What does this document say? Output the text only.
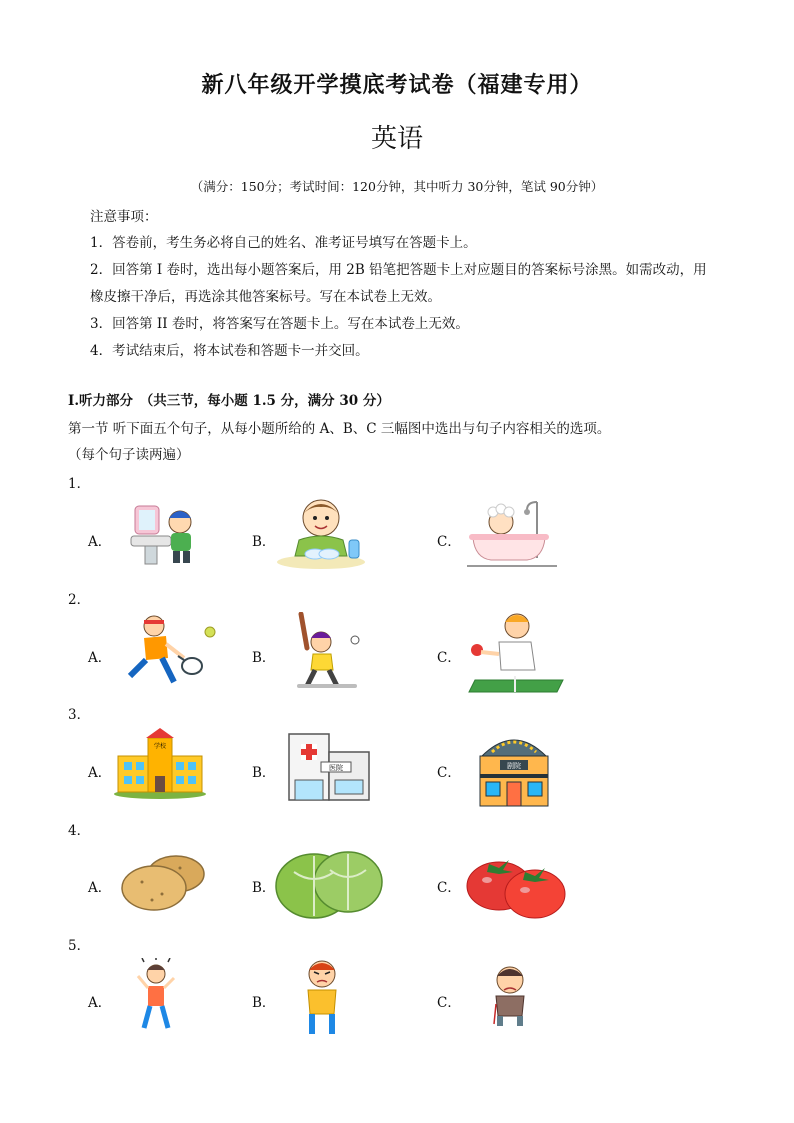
新八年级开学摸底考试卷（福建专用）
英语
（满分：150分；考试时间：120分钟，其中听力 30分钟，笔试 90分钟）
注意事项：
1．答卷前，考生务必将自己的姓名、准考证号填写在答题卡上。
2．回答第 I 卷时，选出每小题答案后，用 2B 铅笔把答题卡上对应题目的答案标号涂黑。如需改动，用
橡皮擦干净后，再选涂其他答案标号。写在本试卷上无效。
3．回答第 II 卷时，将答案写在答题卡上。写在本试卷上无效。
4．考试结束后，将本试卷和答题卡一并交回。
I.听力部分　（共三节，每小题 1.5 分，满分 30 分）
第一节 听下面五个句子，从每小题所给的 A、B、C 三幅图中选出与句子内容相关的选项。
（每个句子读两遍）
1．
A．	B．	C．
2．
A．	B．	C．
3．
A．	B．	C．
学校
医院	剧院
4．
A．	B．	C．
5．
A．	B．	C．
